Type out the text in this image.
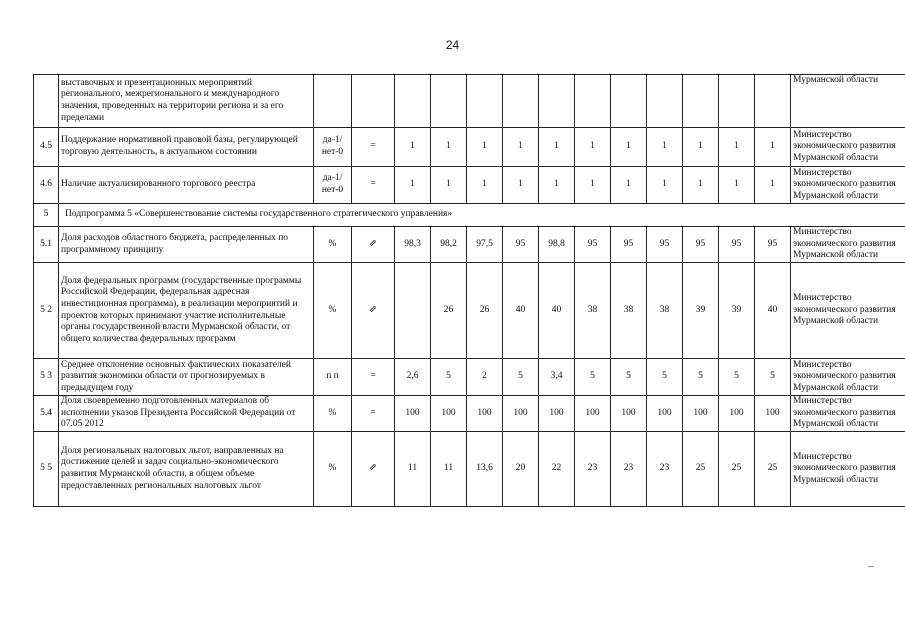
24
	выставочных и презентационных мероприятий регионального, межрегионального и международного значения, проведенных на территории региона и за его пределами														Мурманской области
4.5	Поддержание нормативной правовой базы, регулирующей торговую деятельность, в актуальном состоянии	да-1/ нет-0	=	1	1	1	1	1	1	1	1	1	1	1	Министерство экономического развития Мурманской области
4.6	Наличие актуализированного торгового реестра	да-1/ нет-0	=	1	1	1	1	1	1	1	1	1	1	1	Министерство экономического развития Мурманской области
5	Подпрограмма 5 «Совершенствование системы государственного стратегического управления»														
5.1	Доля расходов областного бюджета, распределенных по программному принципу	%	⇗	98,3	98,2	97,5	95	98,8	95	95	95	95	95	95	Министерство экономического развития Мурманской области
5 2	Доля федеральных программ (государственные программы Российской Федерации, федеральная адресная инвестиционная программа), в реализации мероприятий и проектов которых принимают участие исполнительные органы государственной власти Мурманской области, от общего количества федеральных программ	%	⇗		26	26	40	40	38	38	38	39	39	40	Министерство экономического развития Мурманской области
5 3	Среднее отклонение основных фактических показателей развития экономики области от прогнозируемых в предыдущем году	п п	=	2,6	5	2	5	3,4	5	5	5	5	5	5	Министерство экономического развития Мурманской области
5.4	Доля своевременно подготовленных материалов об исполнении указов Президента Российской Федерации от 07.05 2012	%	=	100	100	100	100	100	100	100	100	100	100	100	Министерство экономического развития Мурманской области
5 5	Доля региональных налоговых льгот, направленных на достижение целей и задач социально-экономического развития Мурманской области, в общем объеме предоставленных региональных налоговых льгот	%	⇗	11	11	13,6	20	22	23	23	23	25	25	25	Министерство экономического развития Мурманской области
